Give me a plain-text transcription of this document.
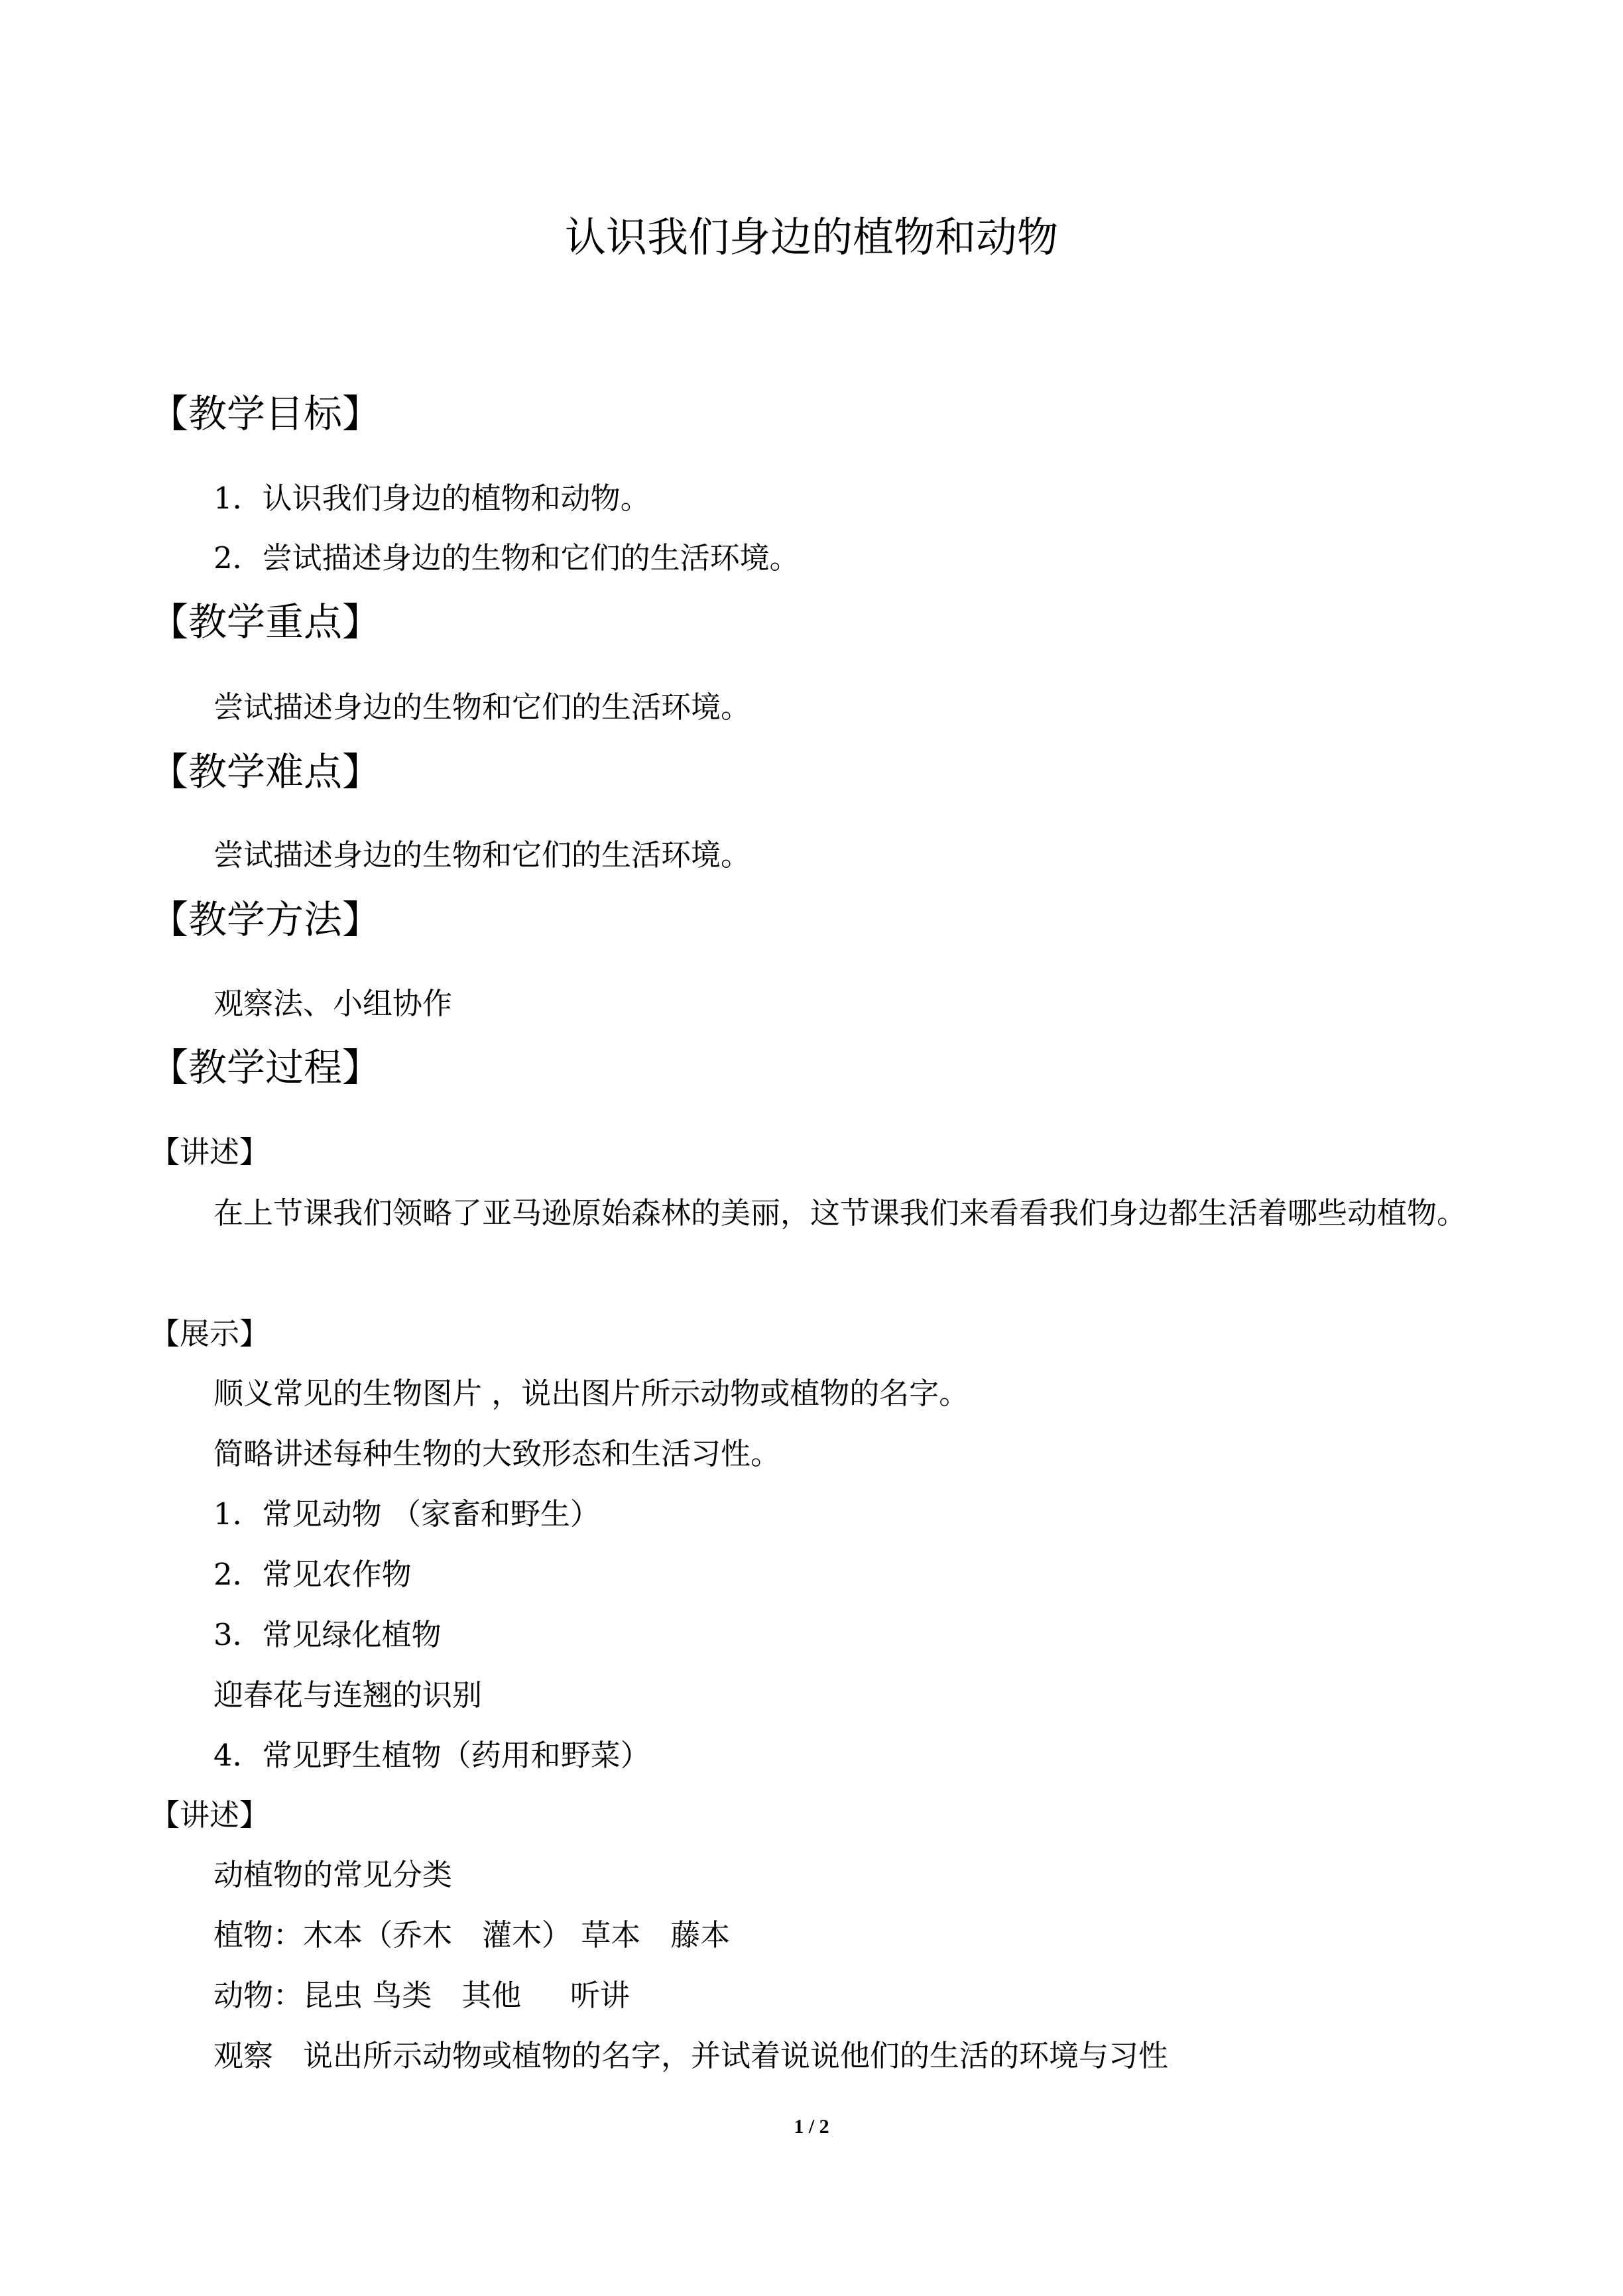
认识我们身边的植物和动物
【教学目标】
1．认识我们身边的植物和动物。
2．尝试描述身边的生物和它们的生活环境。
【教学重点】
尝试描述身边的生物和它们的生活环境。
【教学难点】
尝试描述身边的生物和它们的生活环境。
【教学方法】
观察法、小组协作
【教学过程】
【讲述】
在上节课我们领略了亚马逊原始森林的美丽，这节课我们来看看我们身边都生活着哪些动植物。
【展示】
顺义常见的生物图片 ，说出图片所示动物或植物的名字。
简略讲述每种生物的大致形态和生活习性。
1．常见动物 （家畜和野生）
2．常见农作物
3．常见绿化植物
迎春花与连翘的识别
4．常见野生植物（药用和野菜）
【讲述】
动植物的常见分类
植物：木本（乔木　灌木） 草本　藤本
动物：昆虫 鸟类　其他 　 听讲
观察　说出所示动物或植物的名字，并试着说说他们的生活的环境与习性
1 / 2
